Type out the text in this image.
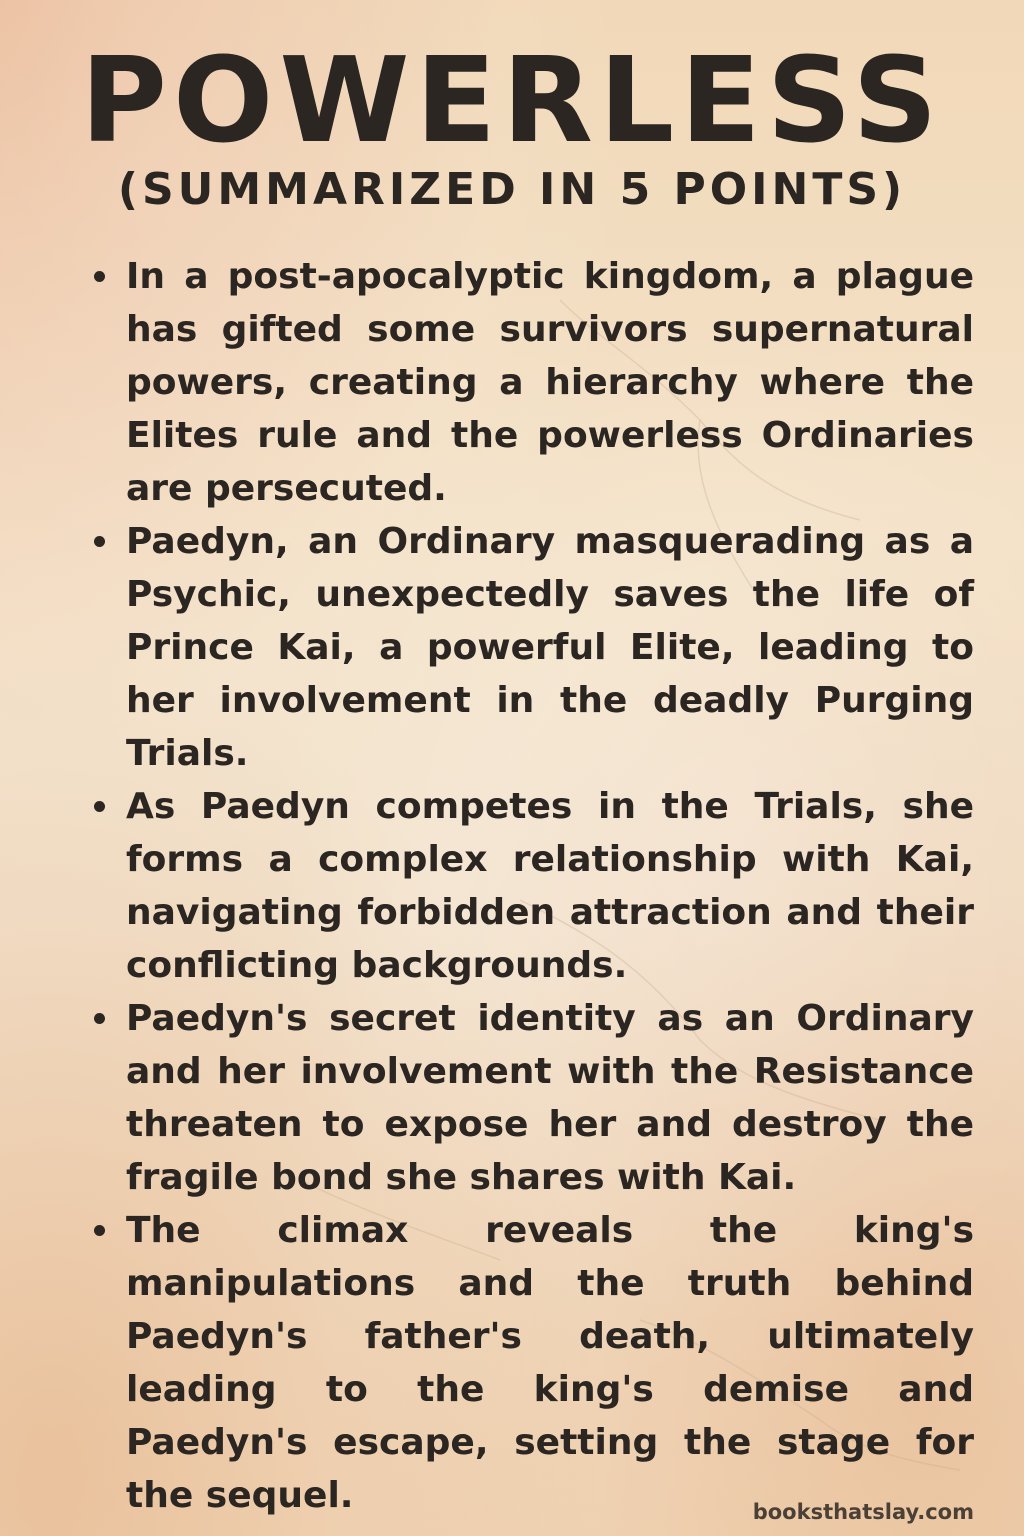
POWERLESS
(SUMMARIZED IN 5 POINTS)
In a post-apocalyptic kingdom, a plague has gifted some survivors supernatural powers, creating a hierarchy where the Elites rule and the powerless Ordinaries are persecuted.
Paedyn, an Ordinary masquerading as a Psychic, unexpectedly saves the life of Prince Kai, a powerful Elite, leading to her involvement in the deadly Purging Trials.
As Paedyn competes in the Trials, she forms a complex relationship with Kai, navigating forbidden attraction and their conflicting backgrounds.
Paedyn's secret identity as an Ordinary and her involvement with the Resistance threaten to expose her and destroy the fragile bond she shares with Kai.
The climax reveals the king's manipulations and the truth behind Paedyn's father's death, ultimately leading to the king's demise and Paedyn's escape, setting the stage for the sequel.	booksthatslay.com
